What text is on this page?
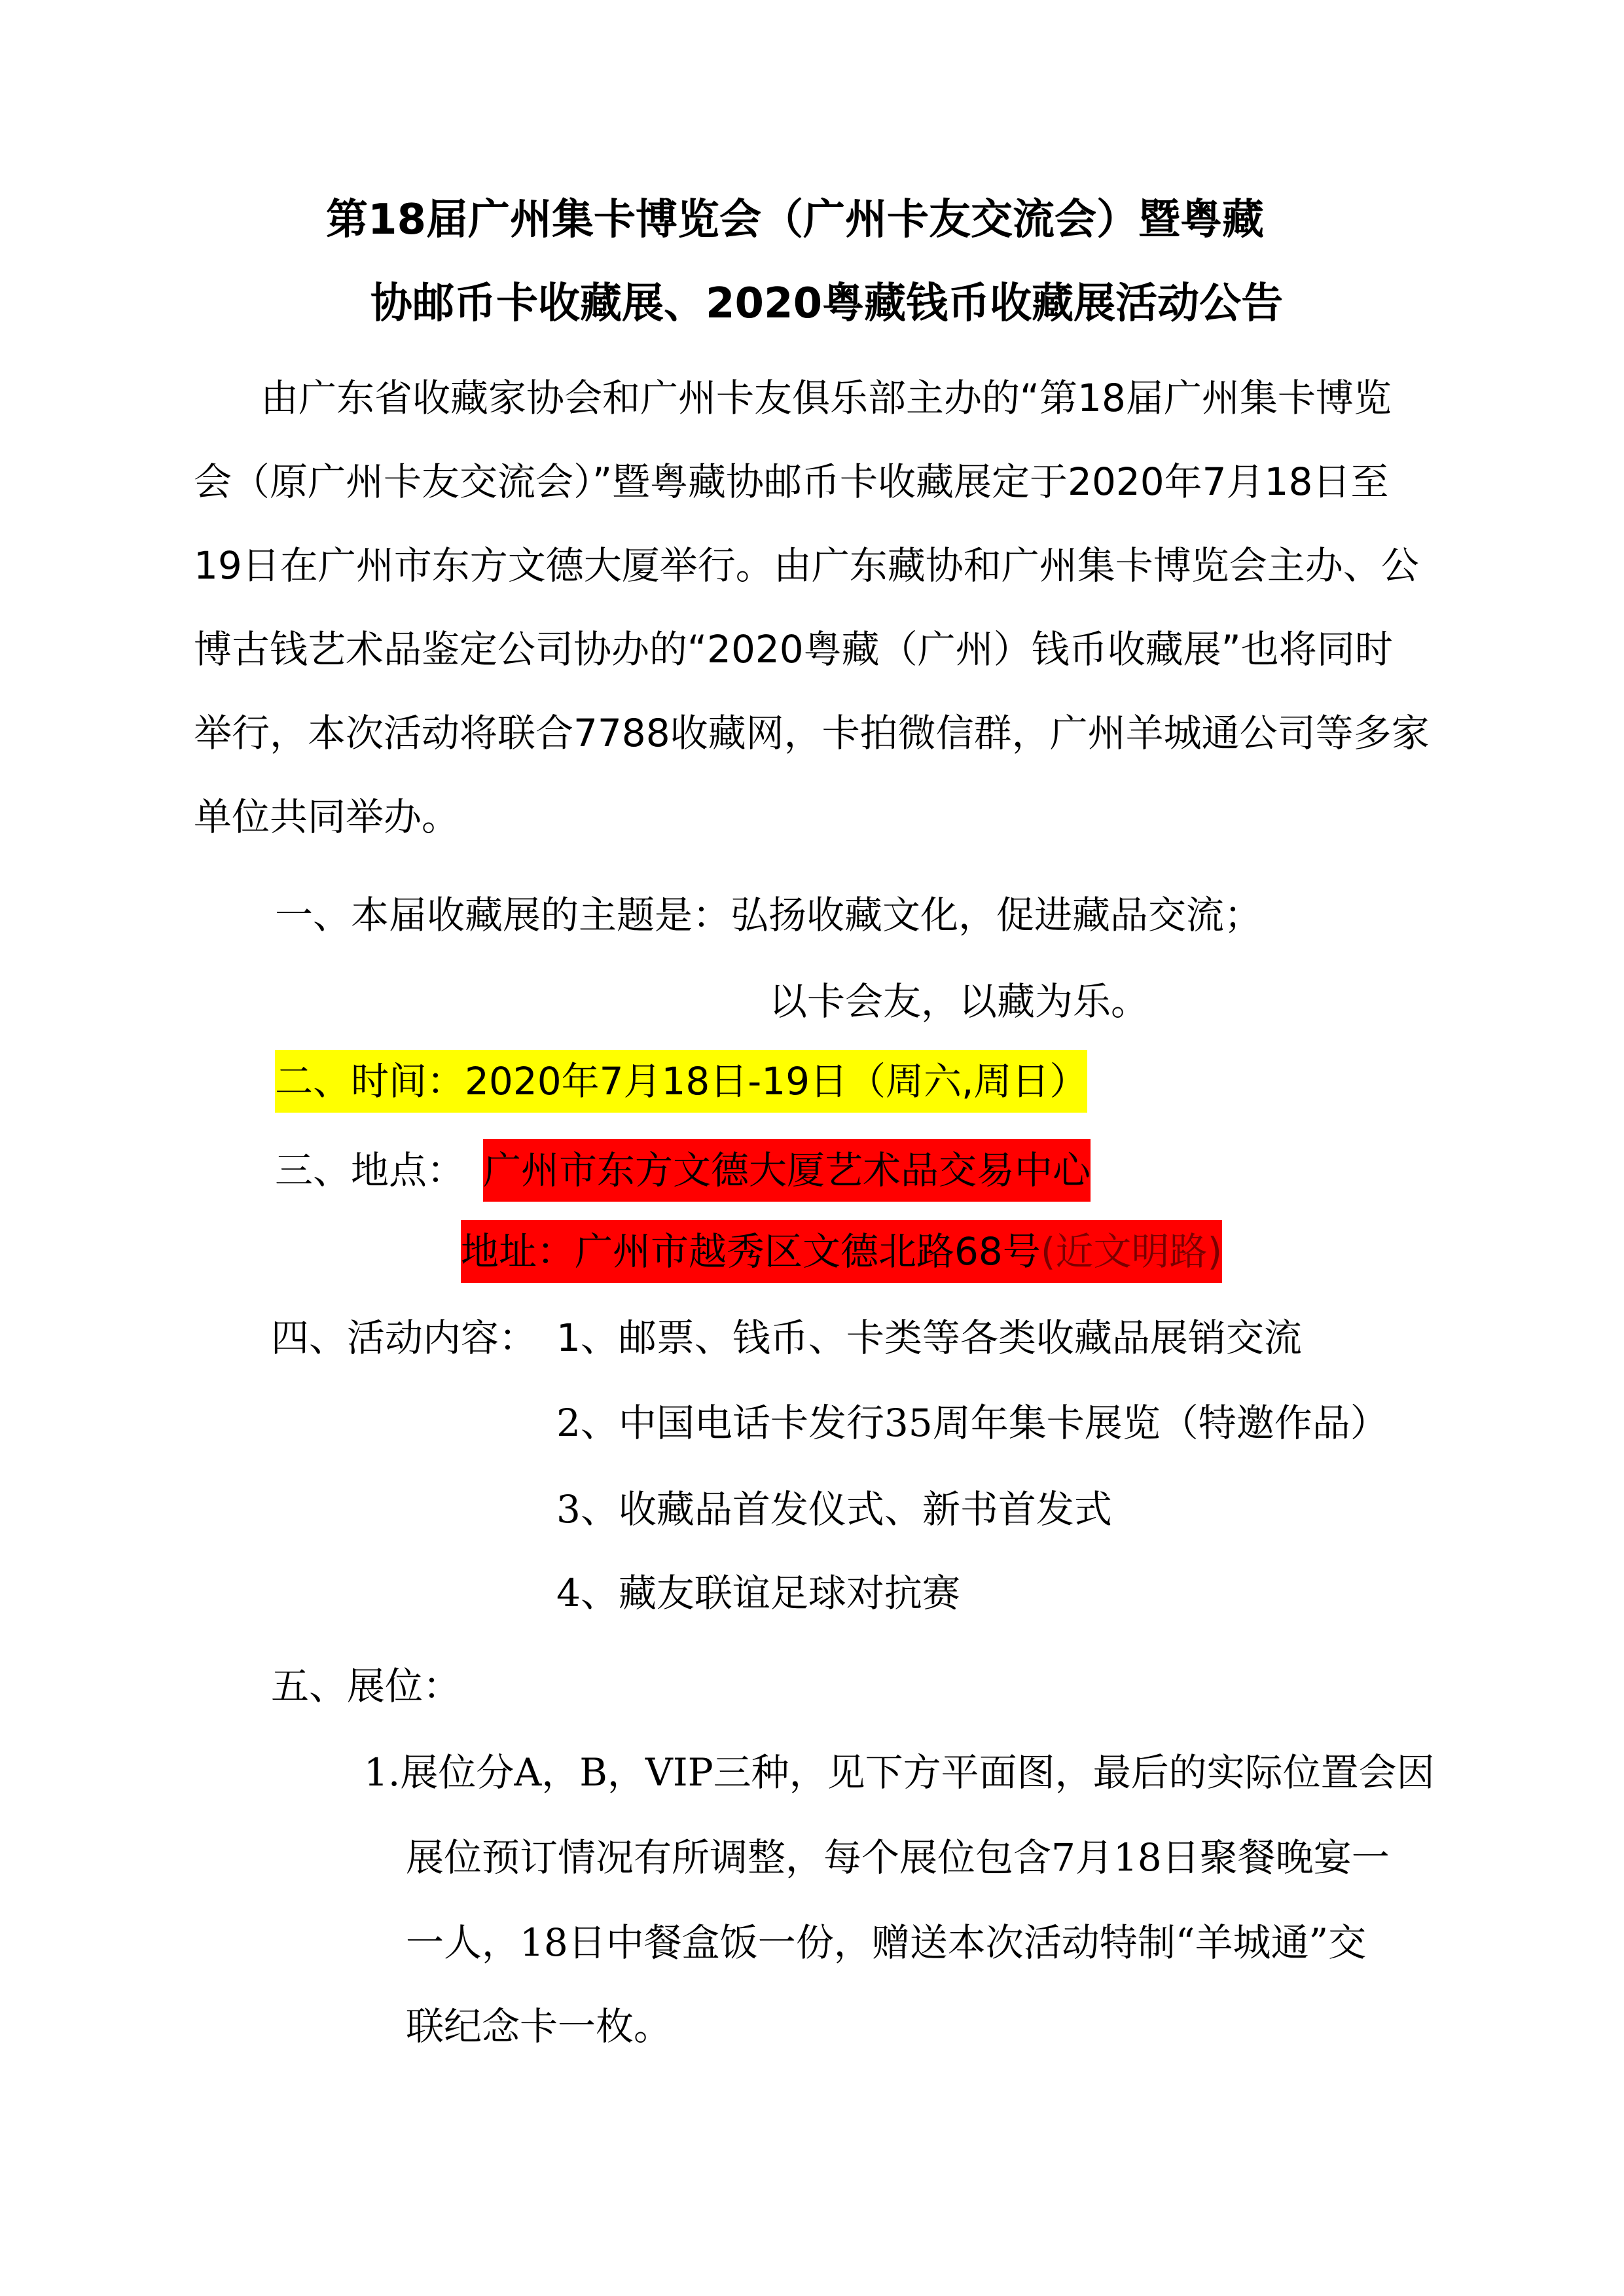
第18届广州集卡博览会（广州卡友交流会）暨粤藏
协邮币卡收藏展、2020粤藏钱币收藏展活动公告
由广东省收藏家协会和广州卡友俱乐部主办的“第18届广州集卡博览
会（原广州卡友交流会）”暨粤藏协邮币卡收藏展定于2020年7月18日至
19日在广州市东方文德大厦举行。由广东藏协和广州集卡博览会主办、公
博古钱艺术品鉴定公司协办的“2020粤藏（广州）钱币收藏展”也将同时
举行，本次活动将联合7788收藏网，卡拍微信群，广州羊城通公司等多家
单位共同举办。
一、本届收藏展的主题是：弘扬收藏文化，促进藏品交流；
以卡会友，以藏为乐。
二、时间：2020年7月18日-19日（周六,周日）
三、地点： 广州市东方文德大厦艺术品交易中心
地址：广州市越秀区文德北路68号(近文明路)
四、活动内容： 1、邮票、钱币、卡类等各类收藏品展销交流
2、中国电话卡发行35周年集卡展览（特邀作品）
3、收藏品首发仪式、新书首发式
4、藏友联谊足球对抗赛
五、展位：
1.展位分A，B，VIP三种，见下方平面图，最后的实际位置会因
展位预订情况有所调整，每个展位包含7月18日聚餐晚宴一
一人，18日中餐盒饭一份，赠送本次活动特制“羊城通”交
联纪念卡一枚。
